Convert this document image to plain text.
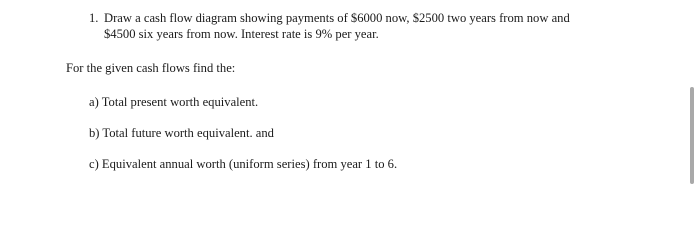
1. Draw a cash flow diagram showing payments of $6000 now, $2500 two years from now and
$4500 six years from now. Interest rate is 9% per year.
For the given cash flows find the:
a) Total present worth equivalent.
b) Total future worth equivalent. and
c) Equivalent annual worth (uniform series) from year 1 to 6.
